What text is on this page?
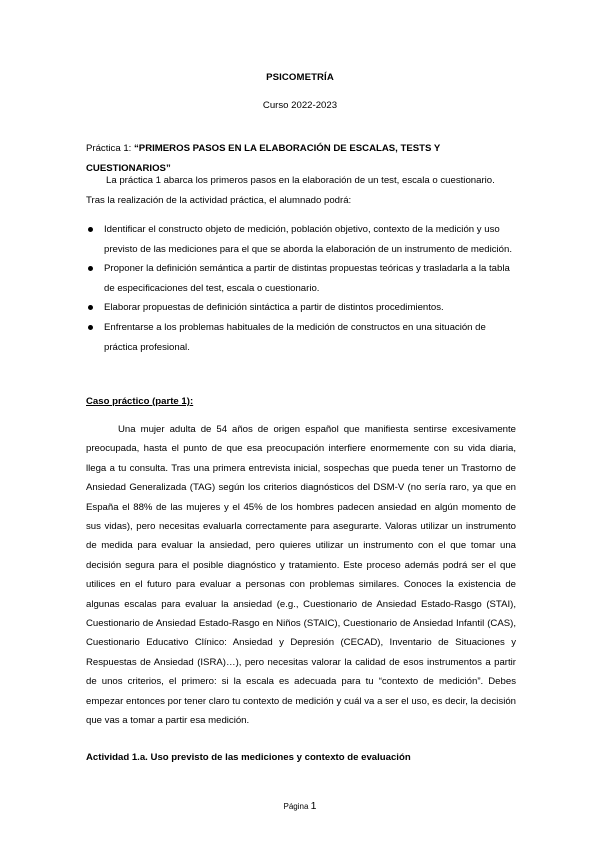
PSICOMETRÍA
Curso 2022-2023
Práctica 1: “PRIMEROS PASOS EN LA ELABORACIÓN DE ESCALAS, TESTS Y CUESTIONARIOS”
La práctica 1 abarca los primeros pasos en la elaboración de un test, escala o cuestionario. Tras la realización de la actividad práctica, el alumnado podrá:
Identificar el constructo objeto de medición, población objetivo, contexto de la medición y uso previsto de las mediciones para el que se aborda la elaboración de un instrumento de medición.
Proponer la definición semántica a partir de distintas propuestas teóricas y trasladarla a la tabla de especificaciones del test, escala o cuestionario.
Elaborar propuestas de definición sintáctica a partir de distintos procedimientos.
Enfrentarse a los problemas habituales de la medición de constructos en una situación de práctica profesional.
Caso práctico (parte 1):
Una mujer adulta de 54 años de origen español que manifiesta sentirse excesivamente preocupada, hasta el punto de que esa preocupación interfiere enormemente con su vida diaria, llega a tu consulta. Tras una primera entrevista inicial, sospechas que pueda tener un Trastorno de Ansiedad Generalizada (TAG) según los criterios diagnósticos del DSM-V (no sería raro, ya que en España el 88% de las mujeres y el 45% de los hombres padecen ansiedad en algún momento de sus vidas), pero necesitas evaluarla correctamente para asegurarte. Valoras utilizar un instrumento de medida para evaluar la ansiedad, pero quieres utilizar un instrumento con el que tomar una decisión segura para el posible diagnóstico y tratamiento. Este proceso además podrá ser el que utilices en el futuro para evaluar a personas con problemas similares. Conoces la existencia de algunas escalas para evaluar la ansiedad (e.g., Cuestionario de Ansiedad Estado-Rasgo (STAI), Cuestionario de Ansiedad Estado-Rasgo en Niños (STAIC), Cuestionario de Ansiedad Infantil (CAS), Cuestionario Educativo Clínico: Ansiedad y Depresión (CECAD), Inventario de Situaciones y Respuestas de Ansiedad (ISRA)…), pero necesitas valorar la calidad de esos instrumentos a partir de unos criterios, el primero: si la escala es adecuada para tu “contexto de medición”. Debes empezar entonces por tener claro tu contexto de medición y cuál va a ser el uso, es decir, la decisión que vas a tomar a partir esa medición.
Actividad 1.a. Uso previsto de las mediciones y contexto de evaluación
Página 1
